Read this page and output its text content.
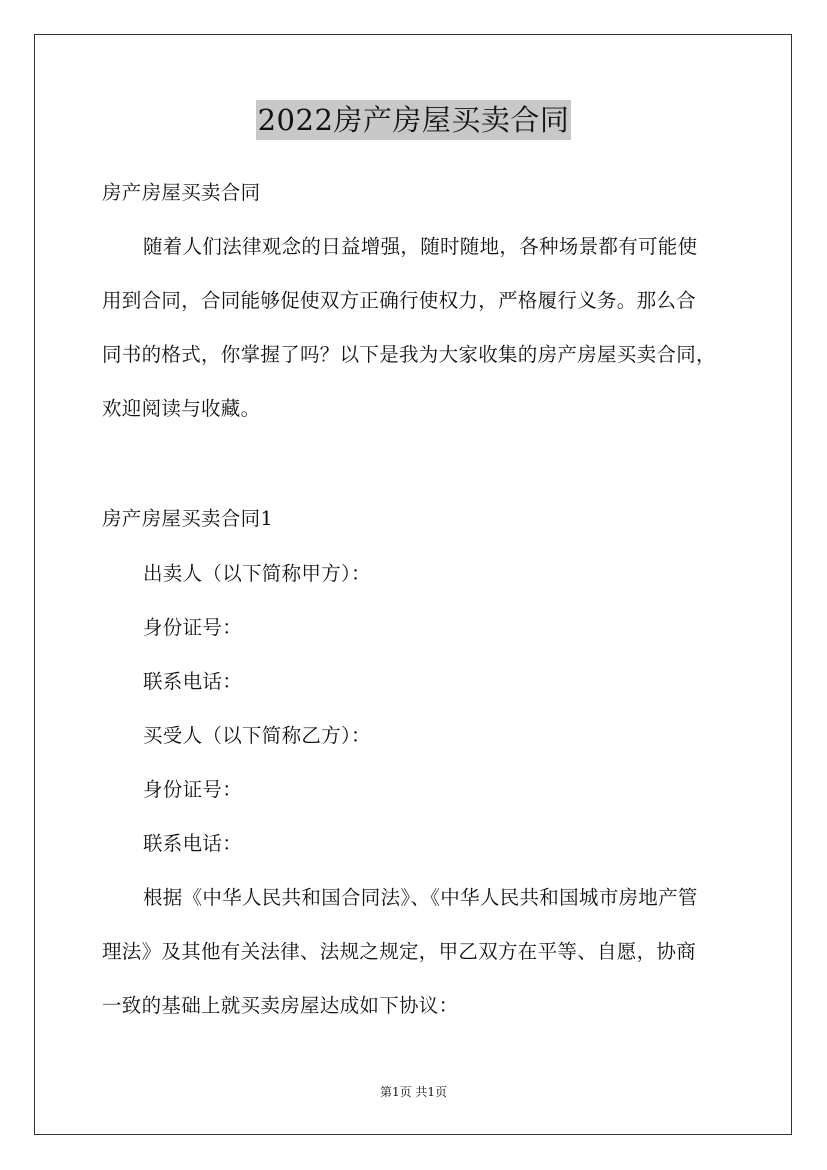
2022房产房屋买卖合同
房产房屋买卖合同
随着人们法律观念的日益增强，随时随地，各种场景都有可能使
用到合同，合同能够促使双方正确行使权力，严格履行义务。那么合
同书的格式，你掌握了吗？以下是我为大家收集的房产房屋买卖合同，
欢迎阅读与收藏。
房产房屋买卖合同1
出卖人（以下简称甲方）：
身份证号：
联系电话：
买受人（以下简称乙方）：
身份证号：
联系电话：
根据《中华人民共和国合同法》、《中华人民共和国城市房地产管
理法》及其他有关法律、法规之规定，甲乙双方在平等、自愿，协商
一致的基础上就买卖房屋达成如下协议：
第1页 共1页
